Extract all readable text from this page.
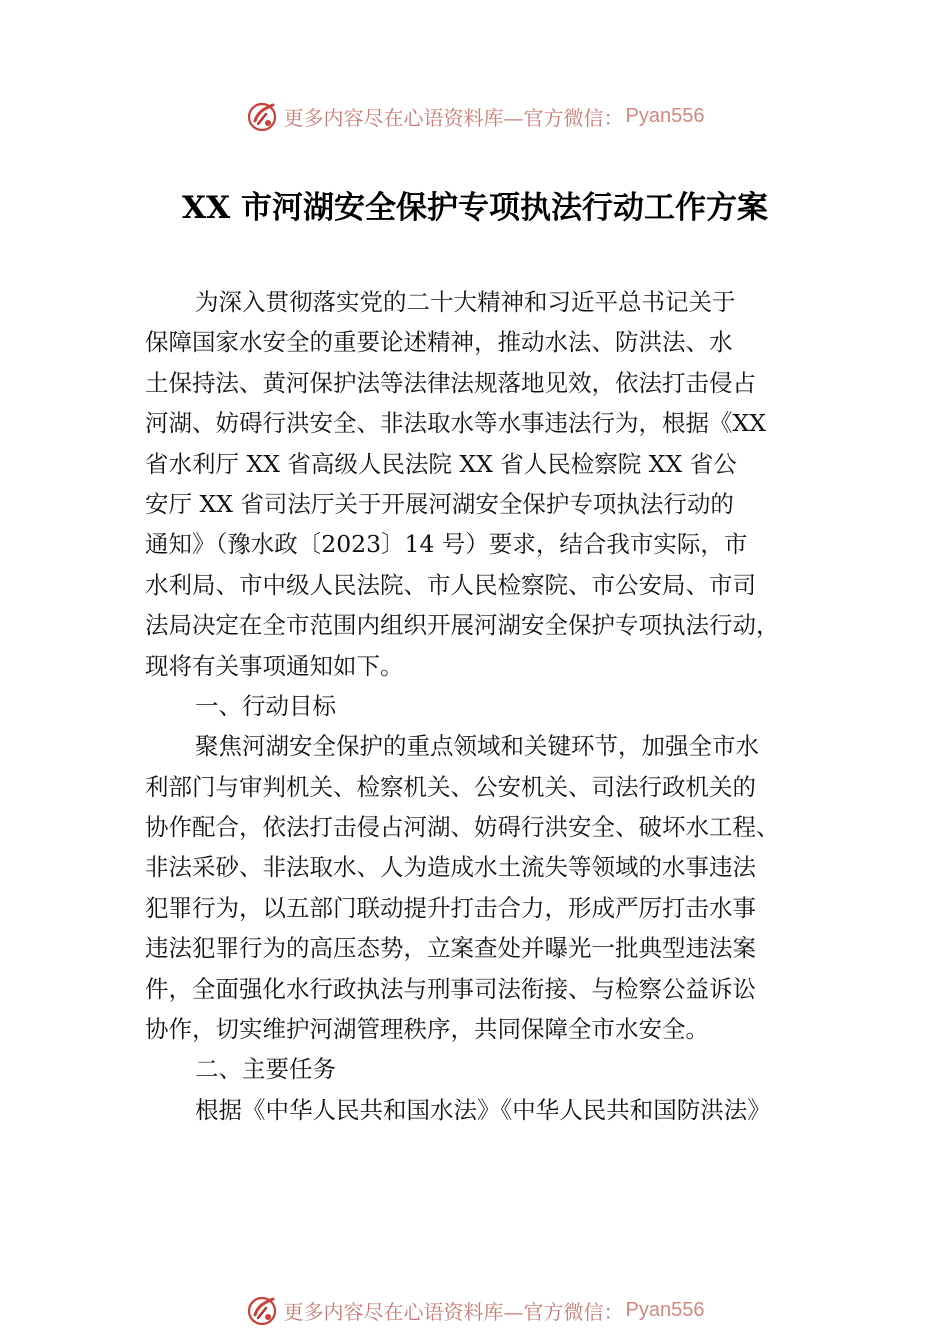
更多内容尽在心语资料库—官方微信： Pyan556
XX 市河湖安全保护专项执法行动工作方案
为深入贯彻落实党的二十大精神和习近平总书记关于
保障国家水安全的重要论述精神，推动水法、防洪法、水
土保持法、黄河保护法等法律法规落地见效，依法打击侵占
河湖、妨碍行洪安全、非法取水等水事违法行为，根据《XX
省水利厅 XX 省高级人民法院 XX 省人民检察院 XX 省公
安厅 XX 省司法厅关于开展河湖安全保护专项执法行动的
通知》（豫水政〔2023〕14 号）要求，结合我市实际，市
水利局、市中级人民法院、市人民检察院、市公安局、市司
法局决定在全市范围内组织开展河湖安全保护专项执法行动，
现将有关事项通知如下。
一、行动目标
聚焦河湖安全保护的重点领域和关键环节，加强全市水
利部门与审判机关、检察机关、公安机关、司法行政机关的
协作配合，依法打击侵占河湖、妨碍行洪安全、破坏水工程、
非法采砂、非法取水、人为造成水土流失等领域的水事违法
犯罪行为，以五部门联动提升打击合力，形成严厉打击水事
违法犯罪行为的高压态势，立案查处并曝光一批典型违法案
件，全面强化水行政执法与刑事司法衔接、与检察公益诉讼
协作，切实维护河湖管理秩序，共同保障全市水安全。
二、主要任务
根据《中华人民共和国水法》《中华人民共和国防洪法》
更多内容尽在心语资料库—官方微信： Pyan556
